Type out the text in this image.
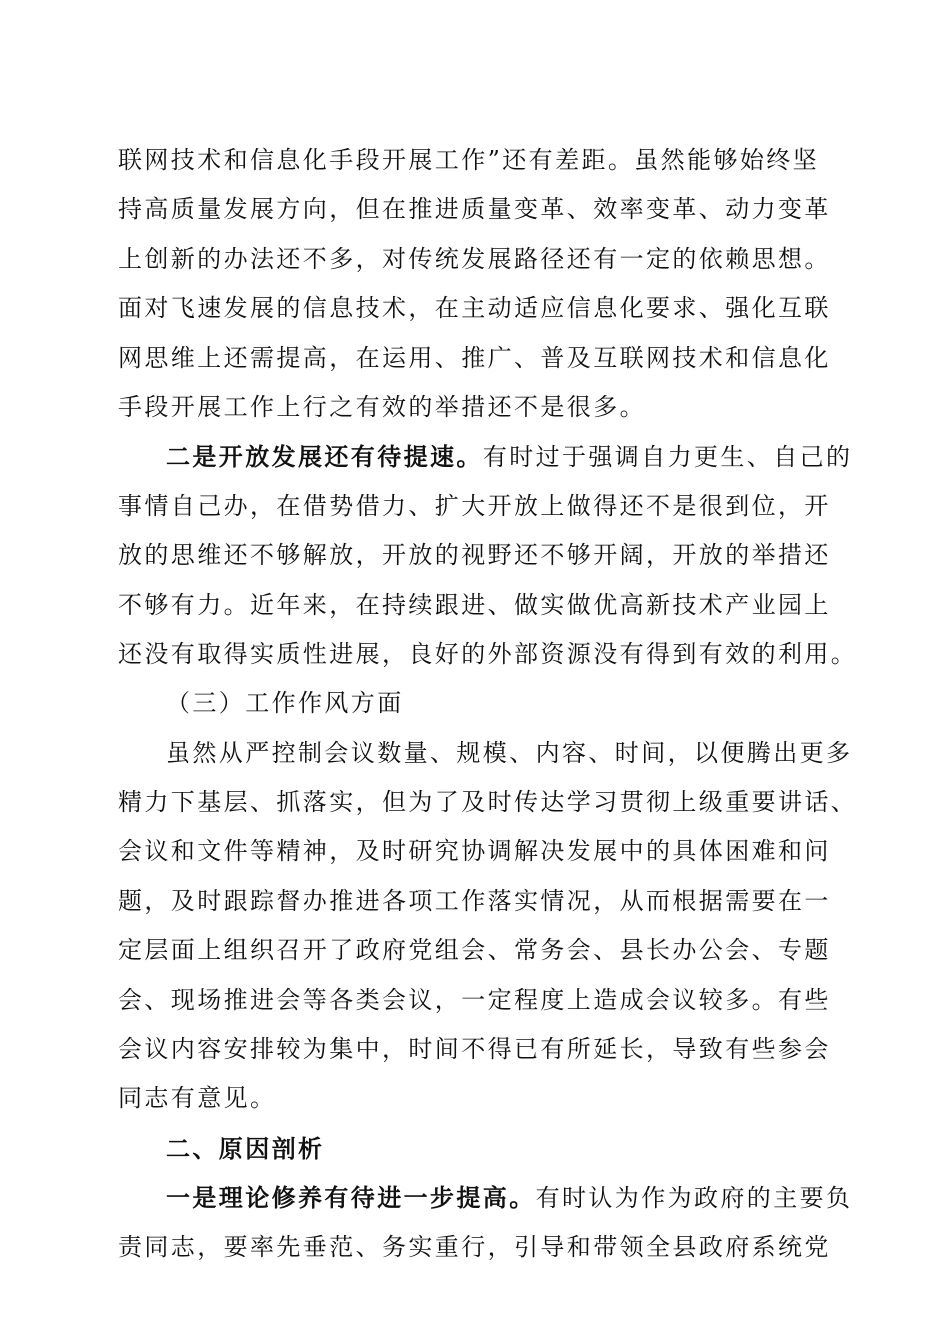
联网技术和信息化手段开展工作”还有差距。虽然能够始终坚
持高质量发展方向，但在推进质量变革、效率变革、动力变革
上创新的办法还不多，对传统发展路径还有一定的依赖思想。
面对飞速发展的信息技术，在主动适应信息化要求、强化互联
网思维上还需提高，在运用、推广、普及互联网技术和信息化
手段开展工作上行之有效的举措还不是很多。
二是开放发展还有待提速。有时过于强调自力更生、自己的
事情自己办，在借势借力、扩大开放上做得还不是很到位，开
放的思维还不够解放，开放的视野还不够开阔，开放的举措还
不够有力。近年来，在持续跟进、做实做优高新技术产业园上
还没有取得实质性进展，良好的外部资源没有得到有效的利用。
（三）工作作风方面
虽然从严控制会议数量、规模、内容、时间，以便腾出更多
精力下基层、抓落实，但为了及时传达学习贯彻上级重要讲话、
会议和文件等精神，及时研究协调解决发展中的具体困难和问
题，及时跟踪督办推进各项工作落实情况，从而根据需要在一
定层面上组织召开了政府党组会、常务会、县长办公会、专题
会、现场推进会等各类会议，一定程度上造成会议较多。有些
会议内容安排较为集中，时间不得已有所延长，导致有些参会
同志有意见。
二、原因剖析
一是理论修养有待进一步提高。有时认为作为政府的主要负
责同志，要率先垂范、务实重行，引导和带领全县政府系统党
